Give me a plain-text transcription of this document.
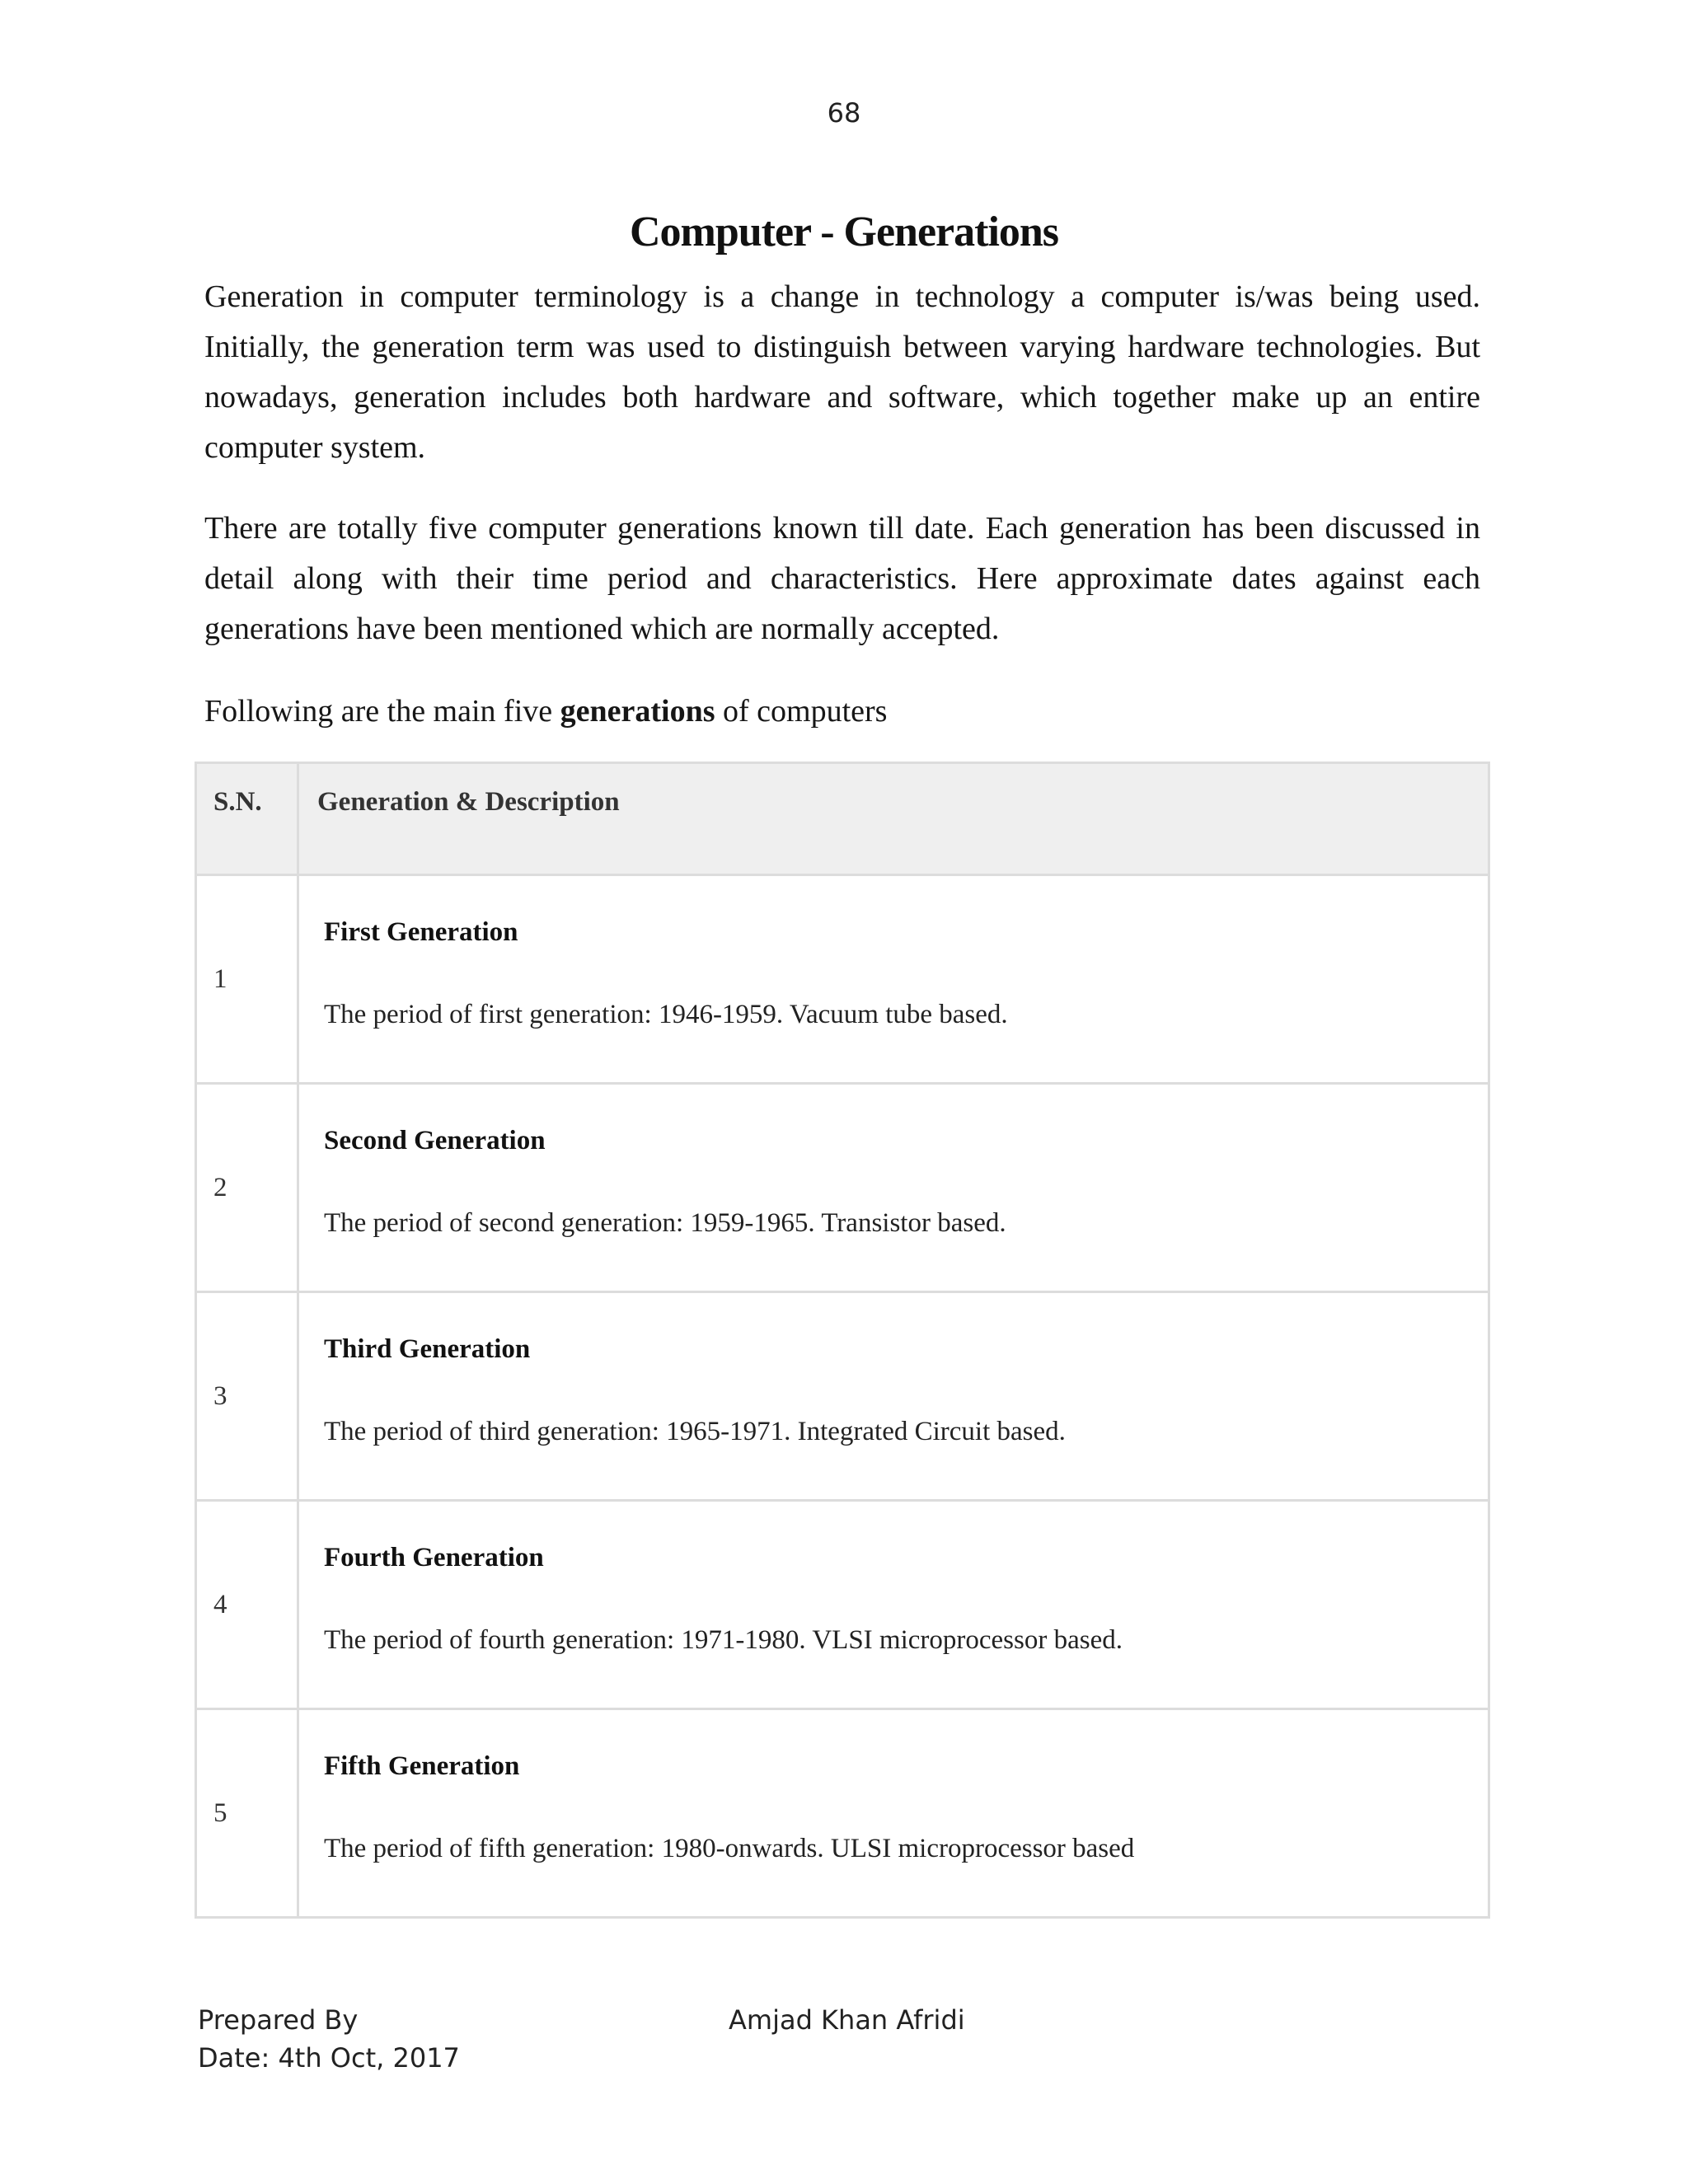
68
Computer - Generations

Generation in computer terminology is a change in technology a computer is/was being used. Initially, the generation term was used to distinguish between varying hardware technologies. But nowadays, generation includes both hardware and software, which together make up an entire computer system.

There are totally five computer generations known till date. Each generation has been discussed in detail along with their time period and characteristics. Here approximate dates against each generations have been mentioned which are normally accepted.

Following are the main five generations of computers

S.N.	Generation & Description
1	First Generation
The period of first generation: 1946-1959. Vacuum tube based.

2	Second Generation
The period of second generation: 1959-1965. Transistor based.

3	Third Generation
The period of third generation: 1965-1971. Integrated Circuit based.

4	Fourth Generation
The period of fourth generation: 1971-1980. VLSI microprocessor based.

5	Fifth Generation
The period of fifth generation: 1980-onwards. ULSI microprocessor based
Prepared By	Amjad Khan Afridi
Date: 4th Oct, 2017
